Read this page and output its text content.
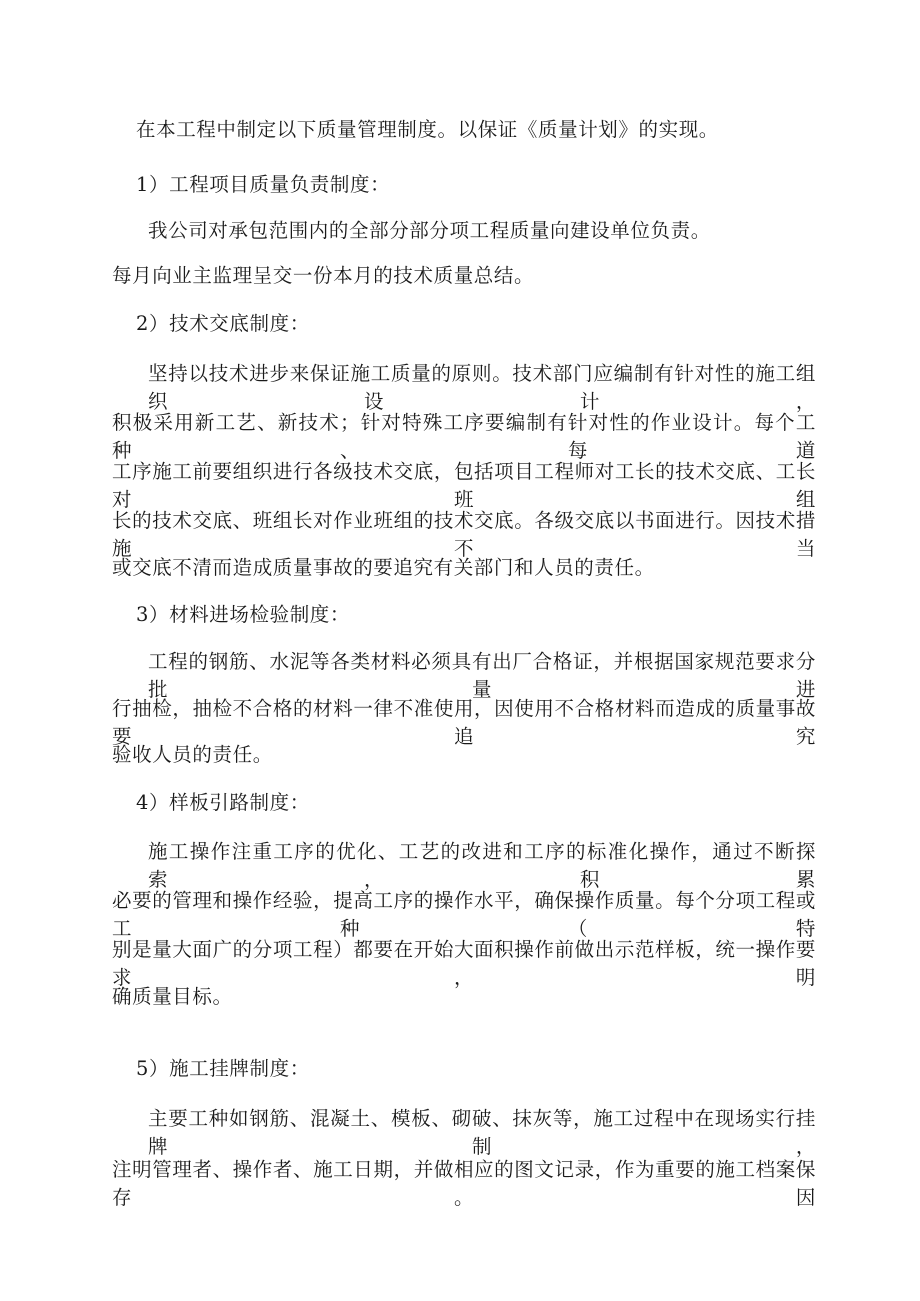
在本工程中制定以下质量管理制度。以保证《质量计划》的实现。
1）工程项目质量负责制度：
我公司对承包范围内的全部分部分项工程质量向建设单位负责。
每月向业主监理呈交一份本月的技术质量总结。
2）技术交底制度：
坚持以技术进步来保证施工质量的原则。技术部门应编制有针对性的施工组织设计，
积极采用新工艺、新技术；针对特殊工序要编制有针对性的作业设计。每个工种、每道
工序施工前要组织进行各级技术交底，包括项目工程师对工长的技术交底、工长对班组
长的技术交底、班组长对作业班组的技术交底。各级交底以书面进行。因技术措施不当
或交底不清而造成质量事故的要追究有关部门和人员的责任。
3）材料进场检验制度：
工程的钢筋、水泥等各类材料必须具有出厂合格证，并根据国家规范要求分批量进
行抽检，抽检不合格的材料一律不准使用，因使用不合格材料而造成的质量事故要追究
验收人员的责任。
4）样板引路制度：
施工操作注重工序的优化、工艺的改进和工序的标准化操作，通过不断探索，积累
必要的管理和操作经验，提高工序的操作水平，确保操作质量。每个分项工程或工种（特
别是量大面广的分项工程）都要在开始大面积操作前做出示范样板，统一操作要求，明
确质量目标。
5）施工挂牌制度：
主要工种如钢筋、混凝土、模板、砌破、抹灰等，施工过程中在现场实行挂牌制，
注明管理者、操作者、施工日期，并做相应的图文记录，作为重要的施工档案保存。因
